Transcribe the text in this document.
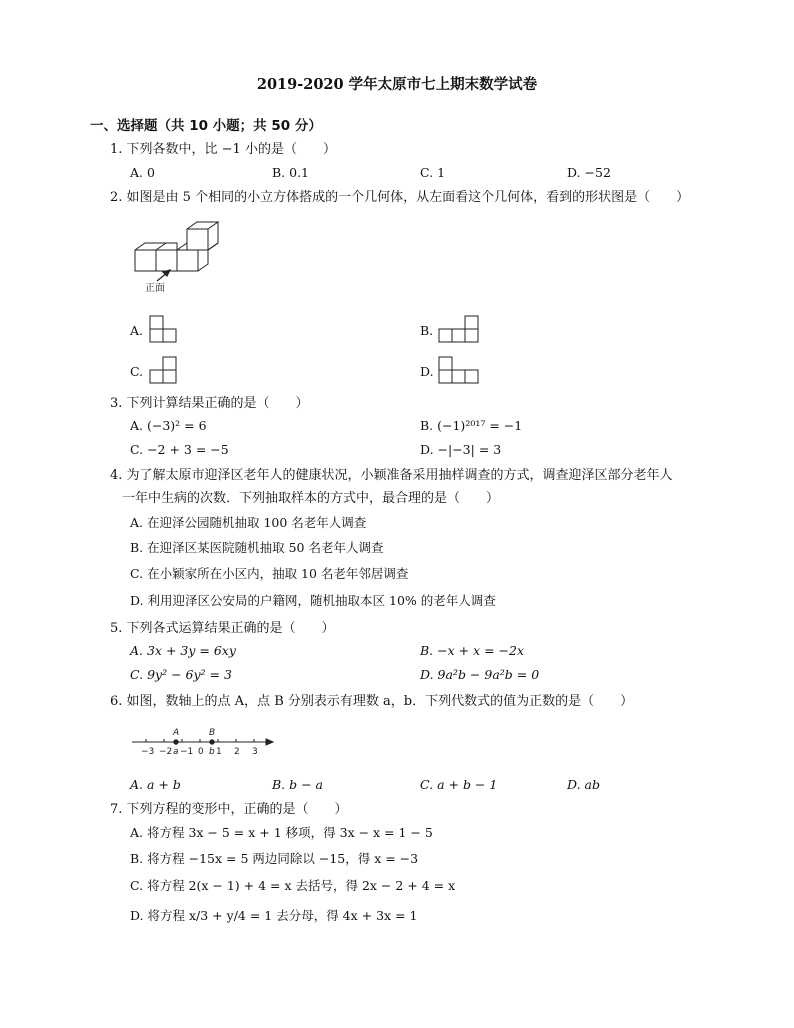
2019-2020 学年太原市七上期末数学试卷
一、选择题（共 10 小题；共 50 分）
1. 下列各数中，比 −1 小的是（　　）
A. 0	B. 0.1	C. 1	D. −52
2. 如图是由 5 个相同的小立方体搭成的一个几何体，从左面看这个几何体，看到的形状图是（　　）
正面
A.	B.
C.	D.
3. 下列计算结果正确的是（　　）
A. (−3)² = 6	B. (−1)²⁰¹⁷ = −1
C. −2 + 3 = −5	D. −|−3| = 3
4. 为了解太原市迎泽区老年人的健康状况，小颖准备采用抽样调查的方式，调查迎泽区部分老年人
一年中生病的次数．下列抽取样本的方式中，最合理的是（　　）
A. 在迎泽公园随机抽取 100 名老年人调查
B. 在迎泽区某医院随机抽取 50 名老年人调查
C. 在小颖家所在小区内，抽取 10 名老年邻居调查
D. 利用迎泽区公安局的户籍网，随机抽取本区 10% 的老年人调查
5. 下列各式运算结果正确的是（　　）
A. 3x + 3y = 6xy	B. −x + x = −2x
C. 9y² − 6y² = 3	D. 9a²b − 9a²b = 0
6. 如图，数轴上的点 A，点 B 分别表示有理数 a，b．下列代数式的值为正数的是（　　）
−3 −2 −1 0 1 2 3
A	B
a	b
A. a + b	B. b − a	C. a + b − 1	D. ab
7. 下列方程的变形中，正确的是（　　）
A. 将方程 3x − 5 = x + 1 移项，得 3x − x = 1 − 5
B. 将方程 −15x = 5 两边同除以 −15，得 x = −3
C. 将方程 2(x − 1) + 4 = x 去括号，得 2x − 2 + 4 = x
D. 将方程 x/3 + y/4 = 1 去分母，得 4x + 3x = 1
